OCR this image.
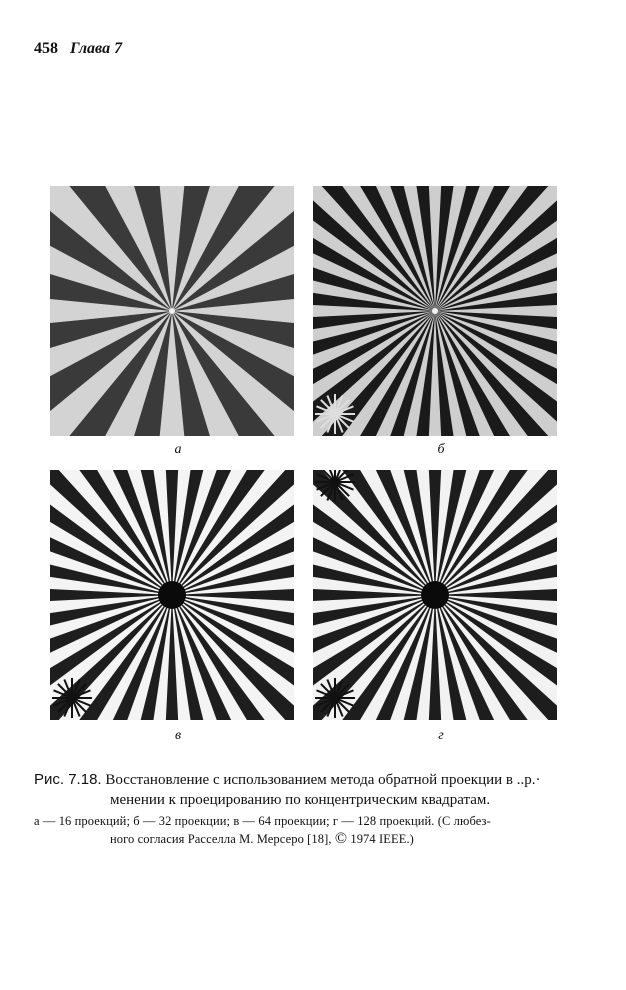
458 Глава 7
а	б
в	г
Рис. 7.18. Восстановление с использованием метода обратной проекции в ..р.·
менении к проецированию по концентрическим квадратам.
а — 16 проекций; б — 32 проекции; в — 64 проекции; г — 128 проекций. (С любез-
ного согласия Расселла М. Мерсеро [18], © 1974 IEEE.)
